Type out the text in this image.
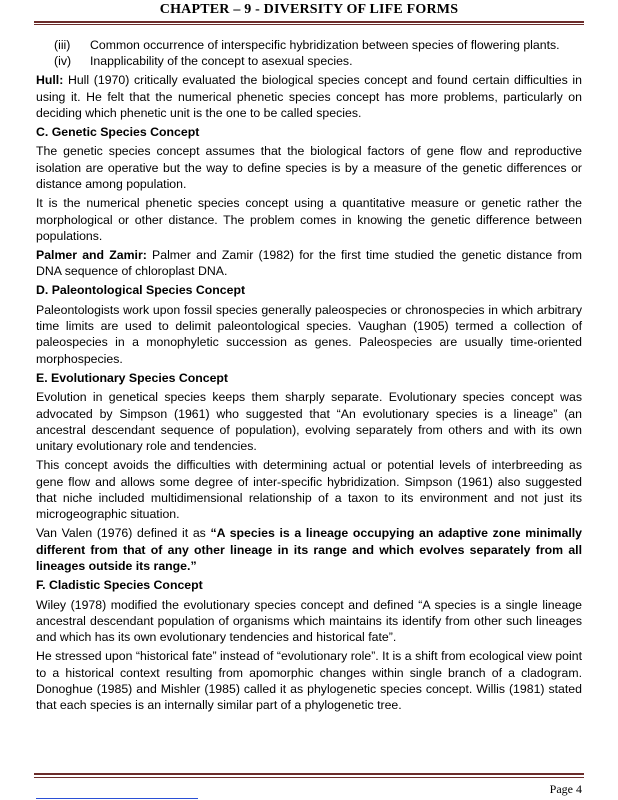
CHAPTER – 9 - DIVERSITY OF LIFE FORMS
(iii)	Common occurrence of interspecific hybridization between species of flowering plants.
(iv)	Inapplicability of the concept to asexual species.

Hull: Hull (1970) critically evaluated the biological species concept and found certain difficulties in using it. He felt that the numerical phenetic species concept has more problems, particularly on deciding which phenetic unit is the one to be called species.

C. Genetic Species Concept

The genetic species concept assumes that the biological factors of gene flow and reproductive isolation are operative but the way to define species is by a measure of the genetic differences or distance among population.

It is the numerical phenetic species concept using a quantitative measure or genetic rather the morphological or other distance. The problem comes in knowing the genetic difference between populations.

Palmer and Zamir: Palmer and Zamir (1982) for the first time studied the genetic distance from DNA sequence of chloroplast DNA.

D. Paleontological Species Concept

Paleontologists work upon fossil species generally paleospecies or chronospecies in which arbitrary time limits are used to delimit paleontological species. Vaughan (1905) termed a collection of paleospecies in a monophyletic succession as genes. Paleospecies are usually time-oriented morphospecies.

E. Evolutionary Species Concept

Evolution in genetical species keeps them sharply separate. Evolutionary species concept was advocated by Simpson (1961) who suggested that “An evolutionary species is a lineage” (an ancestral descendant sequence of population), evolving separately from others and with its own unitary evolutionary role and tendencies.

This concept avoids the difficulties with determining actual or potential levels of interbreeding as gene flow and allows some degree of inter-specific hybridization. Simpson (1961) also suggested that niche included multidimensional relationship of a taxon to its environment and not just its microgeographic situation.

Van Valen (1976) defined it as “A species is a lineage occupying an adaptive zone minimally different from that of any other lineage in its range and which evolves separately from all lineages outside its range.”

F. Cladistic Species Concept

Wiley (1978) modified the evolutionary species concept and defined “A species is a single lineage ancestral descendant population of organisms which maintains its identify from other such lineages and which has its own evolutionary tendencies and historical fate”.

He stressed upon “historical fate” instead of “evolutionary role”. It is a shift from ecological view point to a historical context resulting from apomorphic changes within single branch of a cladogram. Donoghue (1985) and Mishler (1985) called it as phylogenetic species concept. Willis (1981) stated that each species is an internally similar part of a phylogenetic tree.

Page 4
